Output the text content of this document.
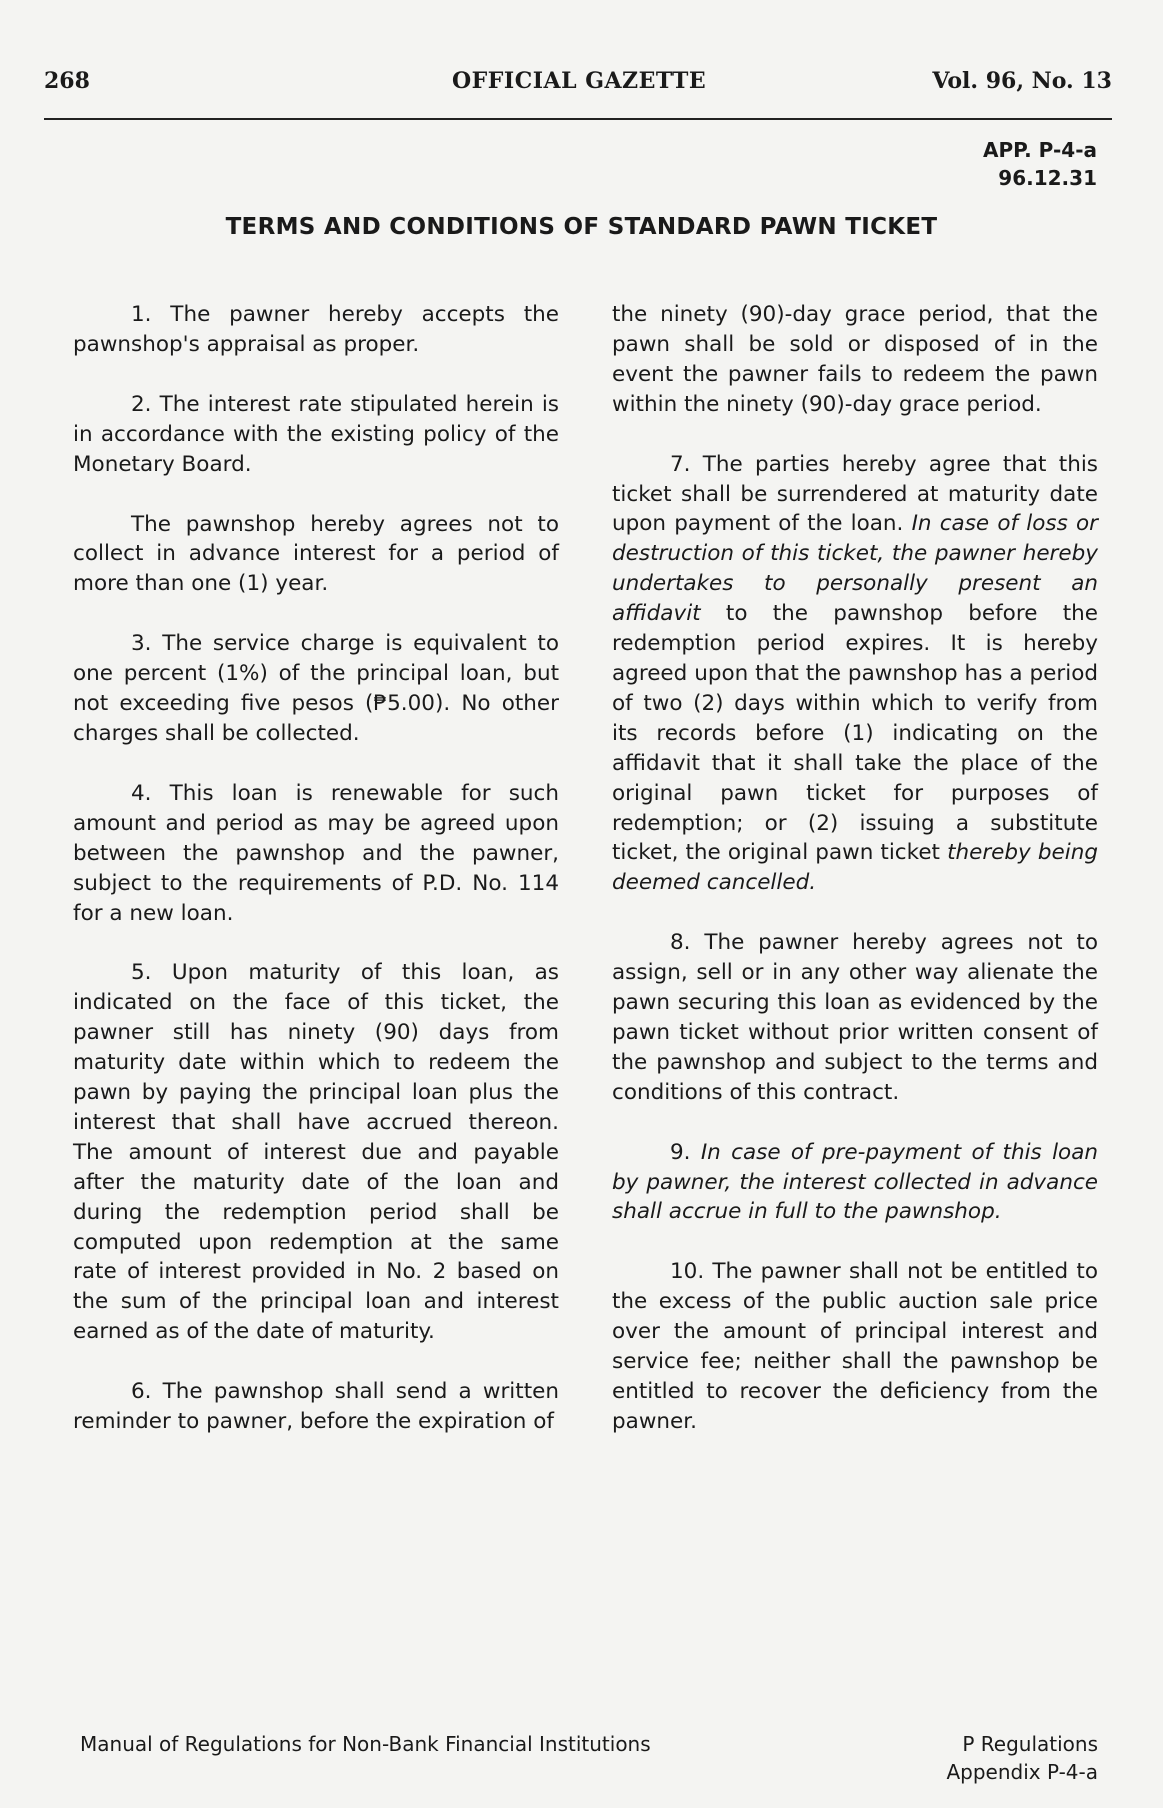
268	OFFICIAL GAZETTE	Vol. 96, No. 13
APP. P-4-a
96.12.31
TERMS AND CONDITIONS OF STANDARD PAWN TICKET

1. The pawner hereby accepts the pawnshop's appraisal as proper.

2. The interest rate stipulated herein is in accordance with the existing policy of the Monetary Board.

The pawnshop hereby agrees not to collect in advance interest for a period of more than one (1) year.

3. The service charge is equivalent to one percent (1%) of the principal loan, but not exceeding five pesos (₱5.00). No other charges shall be collected.

4. This loan is renewable for such amount and period as may be agreed upon between the pawnshop and the pawner, subject to the requirements of P.D. No. 114 for a new loan.

5. Upon maturity of this loan, as indicated on the face of this ticket, the pawner still has ninety (90) days from maturity date within which to redeem the pawn by paying the principal loan plus the interest that shall have accrued thereon. The amount of interest due and payable after the maturity date of the loan and during the redemption period shall be computed upon redemption at the same rate of interest provided in No. 2 based on the sum of the principal loan and interest earned as of the date of maturity.

6. The pawnshop shall send a written reminder to pawner, before the expiration of

the ninety (90)-day grace period, that the pawn shall be sold or disposed of in the event the pawner fails to redeem the pawn within the ninety (90)-day grace period.

7. The parties hereby agree that this ticket shall be surrendered at maturity date upon payment of the loan. In case of loss or destruction of this ticket, the pawner hereby undertakes to personally present an affidavit to the pawnshop before the redemption period expires. It is hereby agreed upon that the pawnshop has a period of two (2) days within which to verify from its records before (1) indicating on the affidavit that it shall take the place of the original pawn ticket for purposes of redemption; or (2) issuing a substitute ticket, the original pawn ticket thereby being deemed cancelled.

8. The pawner hereby agrees not to assign, sell or in any other way alienate the pawn securing this loan as evidenced by the pawn ticket without prior written consent of the pawnshop and subject to the terms and conditions of this contract.

9. In case of pre-payment of this loan by pawner, the interest collected in advance shall accrue in full to the pawnshop.

10. The pawner shall not be entitled to the excess of the public auction sale price over the amount of principal interest and service fee; neither shall the pawnshop be entitled to recover the deficiency from the pawner.

Manual of Regulations for Non-Bank Financial Institutions	P Regulations
Appendix P-4-a
